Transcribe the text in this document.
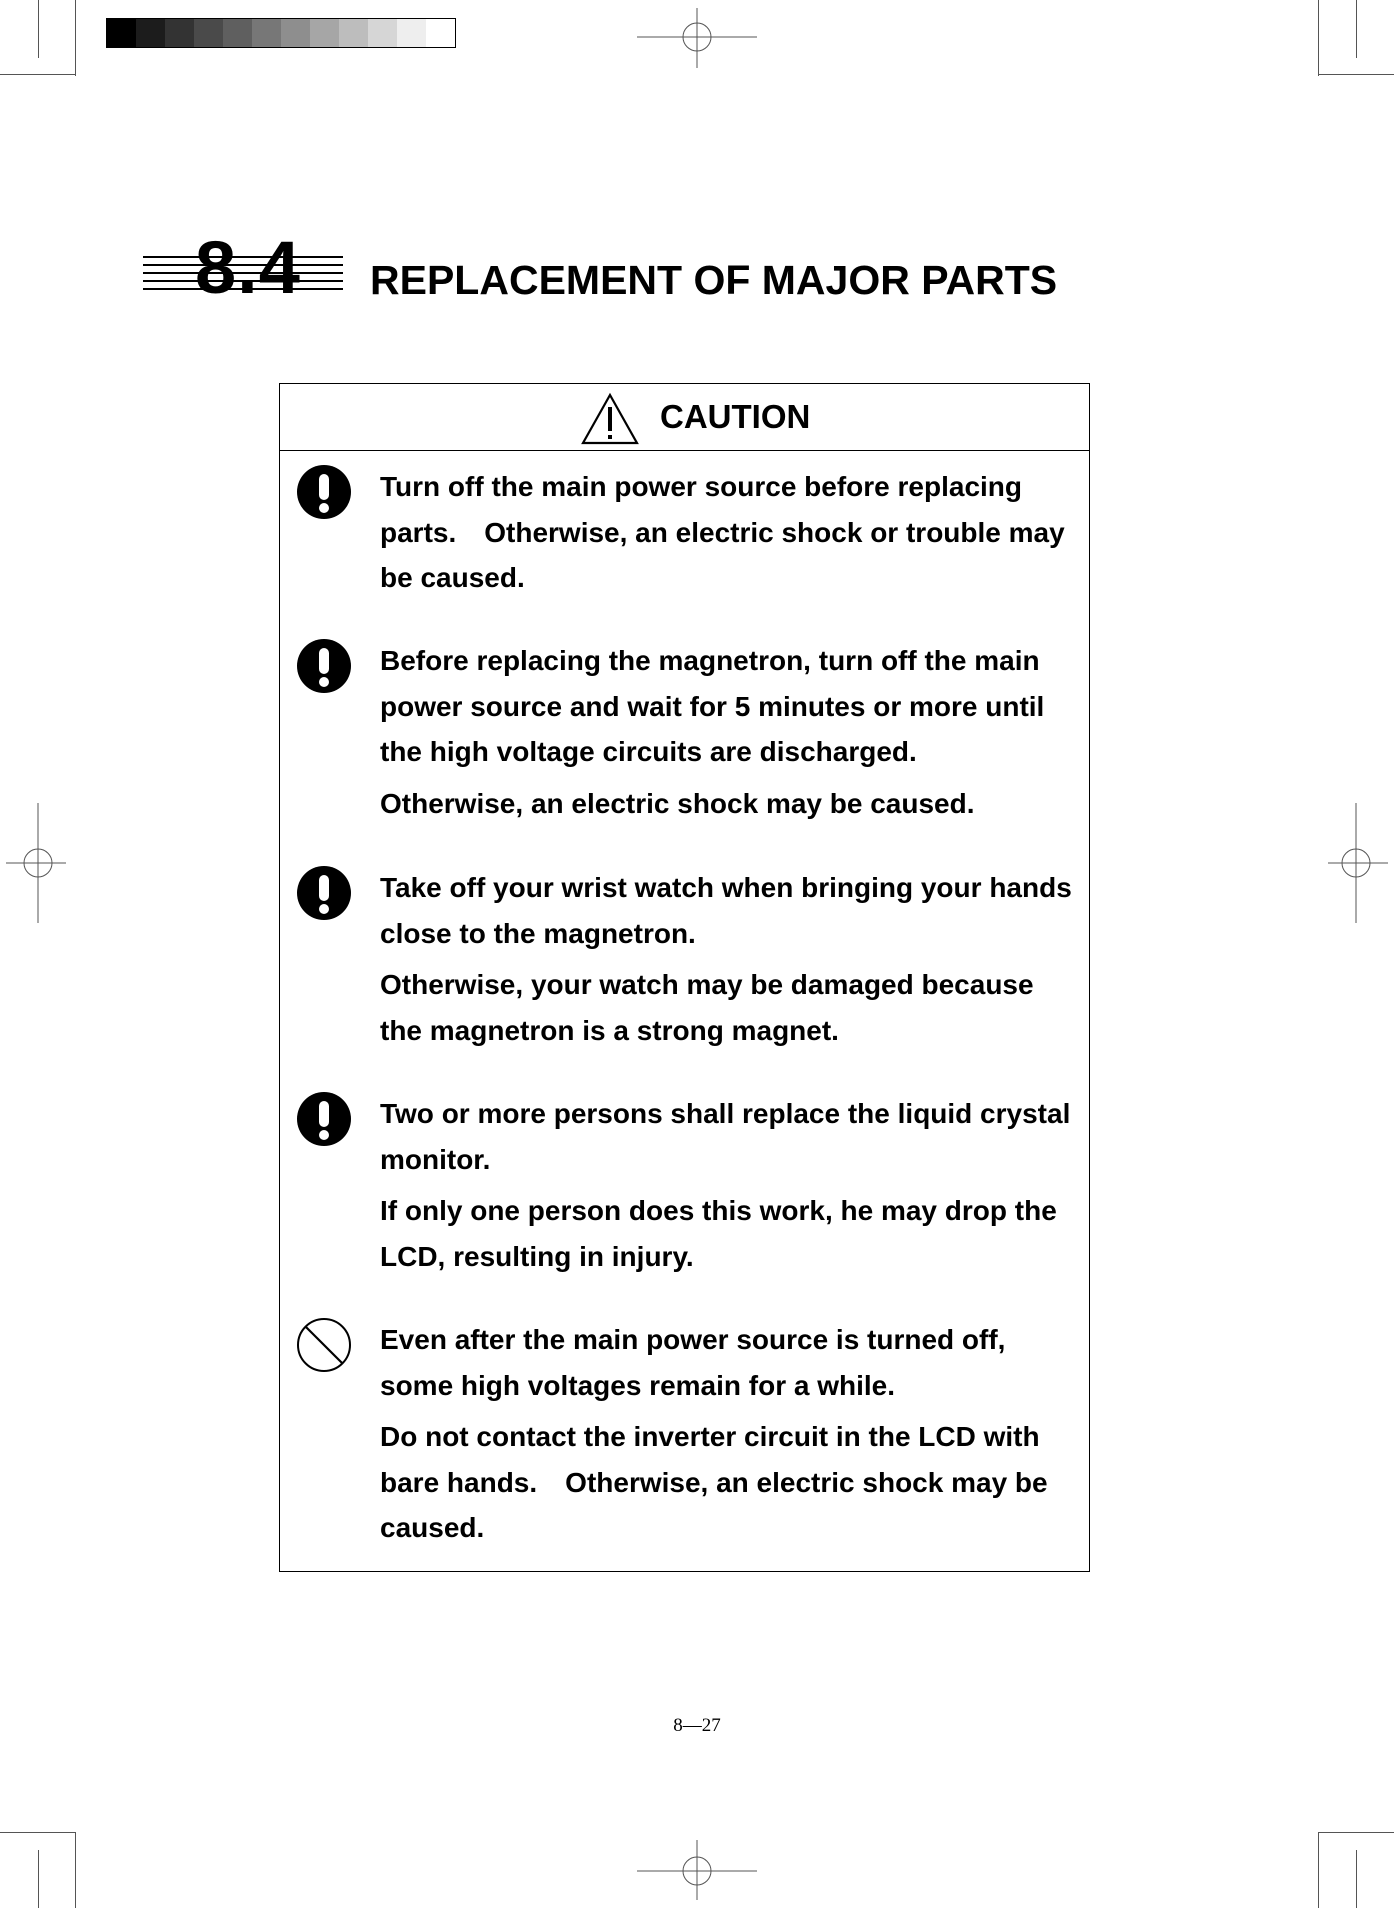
8.4 REPLACEMENT OF MAJOR PARTS
CAUTION

Turn off the main power source before replacing parts.　Otherwise, an electric shock or trouble may be caused.

Before replacing the magnetron, turn off the main power source and wait for 5 minutes or more until the high voltage circuits are discharged.

Otherwise, an electric shock may be caused.

Take off your wrist watch when bringing your hands close to the magnetron.

Otherwise, your watch may be damaged because the magnetron is a strong magnet.

Two or more persons shall replace the liquid crystal monitor.

If only one person does this work, he may drop the LCD, resulting in injury.

Even after the main power source is turned off, some high voltages remain for a while.

Do not contact the inverter circuit in the LCD with bare hands.　Otherwise, an electric shock may be caused.

8—27
